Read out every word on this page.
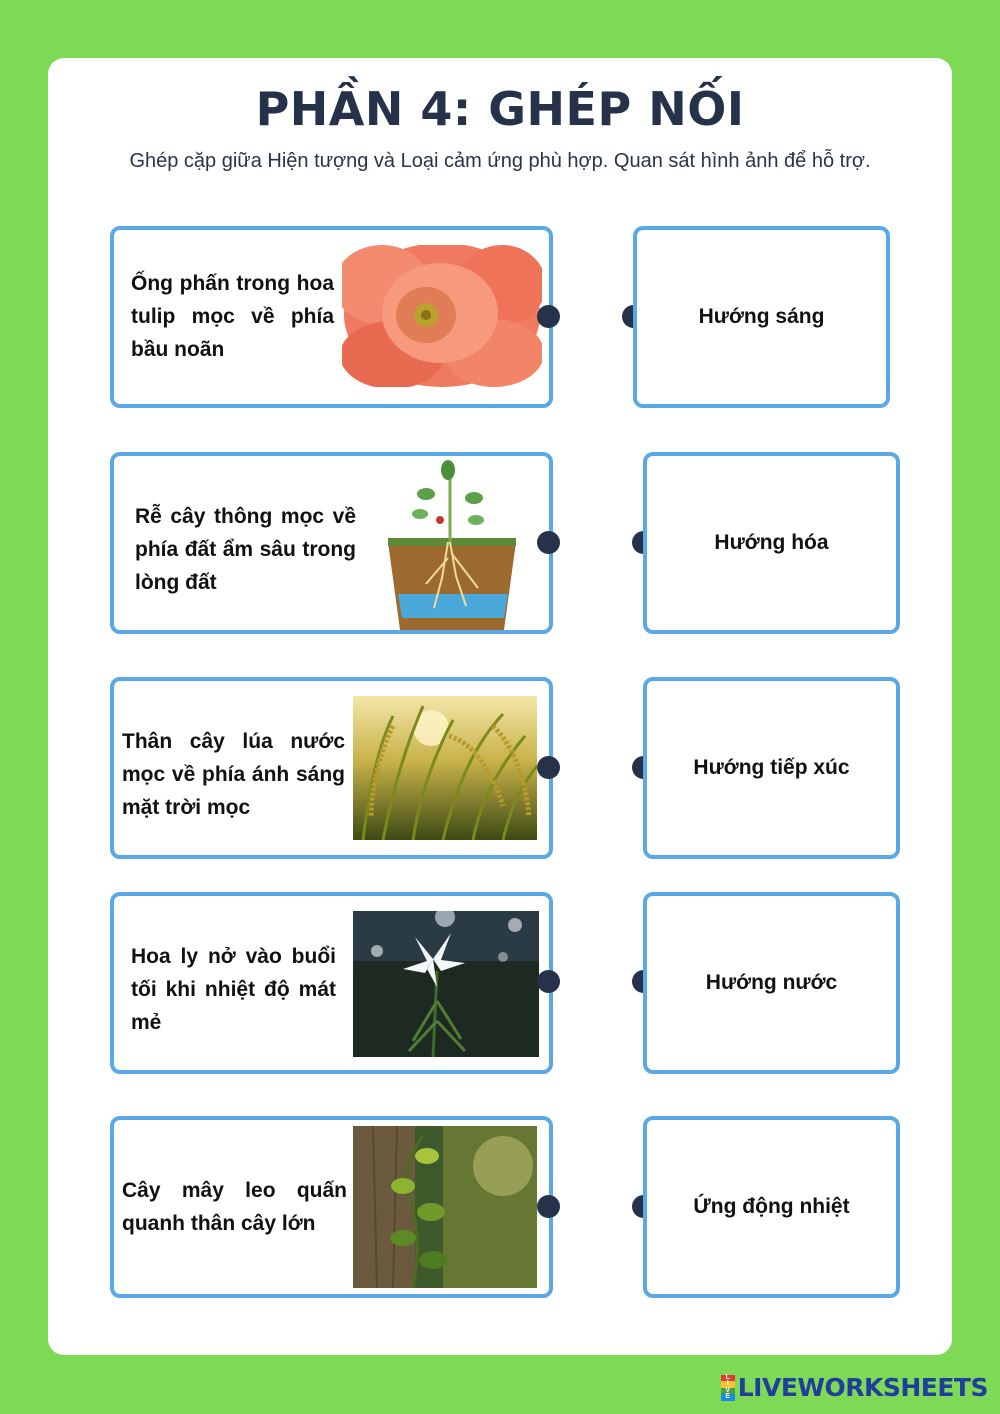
PHẦN 4: GHÉP NỐI

Ghép cặp giữa Hiện tượng và Loại cảm ứng phù hợp. Quan sát hình ảnh để hỗ trợ.

Ống phấn trong hoa tulip mọc về phía bầu noãn
Hướng sáng
Rễ cây thông mọc về phía đất ẩm sâu trong lòng đất
Hướng hóa
Thân cây lúa nước mọc về phía ánh sáng mặt trời mọc
Hướng tiếp xúc
Hoa ly nở vào buổi tối khi nhiệt độ mát mẻ
Hướng nước
Cây mây leo quấn quanh thân cây lớn
Ứng động nhiệt
L
I
V
E LIVEWORKSHEETS
